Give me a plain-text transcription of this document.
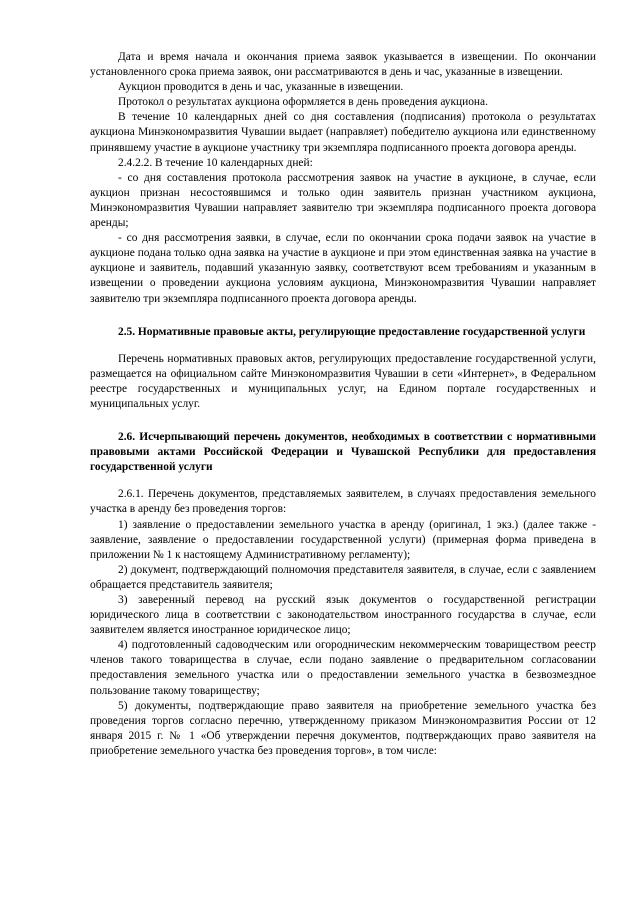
Дата и время начала и окончания приема заявок указывается в извещении. По окончании установленного срока приема заявок, они рассматриваются в день и час, указанные в извещении.

Аукцион проводится в день и час, указанные в извещении.

Протокол о результатах аукциона оформляется в день проведения аукциона.

В течение 10 календарных дней со дня составления (подписания) протокола о результатах аукциона Минэкономразвития Чувашии выдает (направляет) победителю аукциона или единственному принявшему участие в аукционе участнику три экземпляра подписанного проекта договора аренды.

2.4.2.2. В течение 10 календарных дней:

- со дня составления протокола рассмотрения заявок на участие в аукционе, в случае, если аукцион признан несостоявшимся и только один заявитель признан участником аукциона, Минэкономразвития Чувашии направляет заявителю три экземпляра подписанного проекта договора аренды;

- со дня рассмотрения заявки, в случае, если по окончании срока подачи заявок на участие в аукционе подана только одна заявка на участие в аукционе и при этом единственная заявка на участие в аукционе и заявитель, подавший указанную заявку, соответствуют всем требованиям и указанным в извещении о проведении аукциона условиям аукциона, Минэкономразвития Чувашии направляет заявителю три экземпляра подписанного проекта договора аренды.

2.5. Нормативные правовые акты, регулирующие предоставление государственной услуги

Перечень нормативных правовых актов, регулирующих предоставление государственной услуги, размещается на официальном сайте Минэкономразвития Чувашии в сети «Интернет», в Федеральном реестре государственных и муниципальных услуг, на Едином портале государственных и муниципальных услуг.

2.6. Исчерпывающий перечень документов, необходимых в соответствии с нормативными правовыми актами Российской Федерации и Чувашской Республики для предоставления государственной услуги

2.6.1. Перечень документов, представляемых заявителем, в случаях предоставления земельного участка в аренду без проведения торгов:

1) заявление о предоставлении земельного участка в аренду (оригинал, 1 экз.) (далее также - заявление, заявление о предоставлении государственной услуги) (примерная форма приведена в приложении № 1 к настоящему Административному регламенту);

2) документ, подтверждающий полномочия представителя заявителя, в случае, если с заявлением обращается представитель заявителя;

3) заверенный перевод на русский язык документов о государственной регистрации юридического лица в соответствии с законодательством иностранного государства в случае, если заявителем является иностранное юридическое лицо;

4) подготовленный садоводческим или огородническим некоммерческим товариществом реестр членов такого товарищества в случае, если подано заявление о предварительном согласовании предоставления земельного участка или о предоставлении земельного участка в безвозмездное пользование такому товариществу;

5) документы, подтверждающие право заявителя на приобретение земельного участка без проведения торгов согласно перечню, утвержденному приказом Минэкономразвития России от 12 января 2015 г. № 1 «Об утверждении перечня документов, подтверждающих право заявителя на приобретение земельного участка без проведения торгов», в том числе:
